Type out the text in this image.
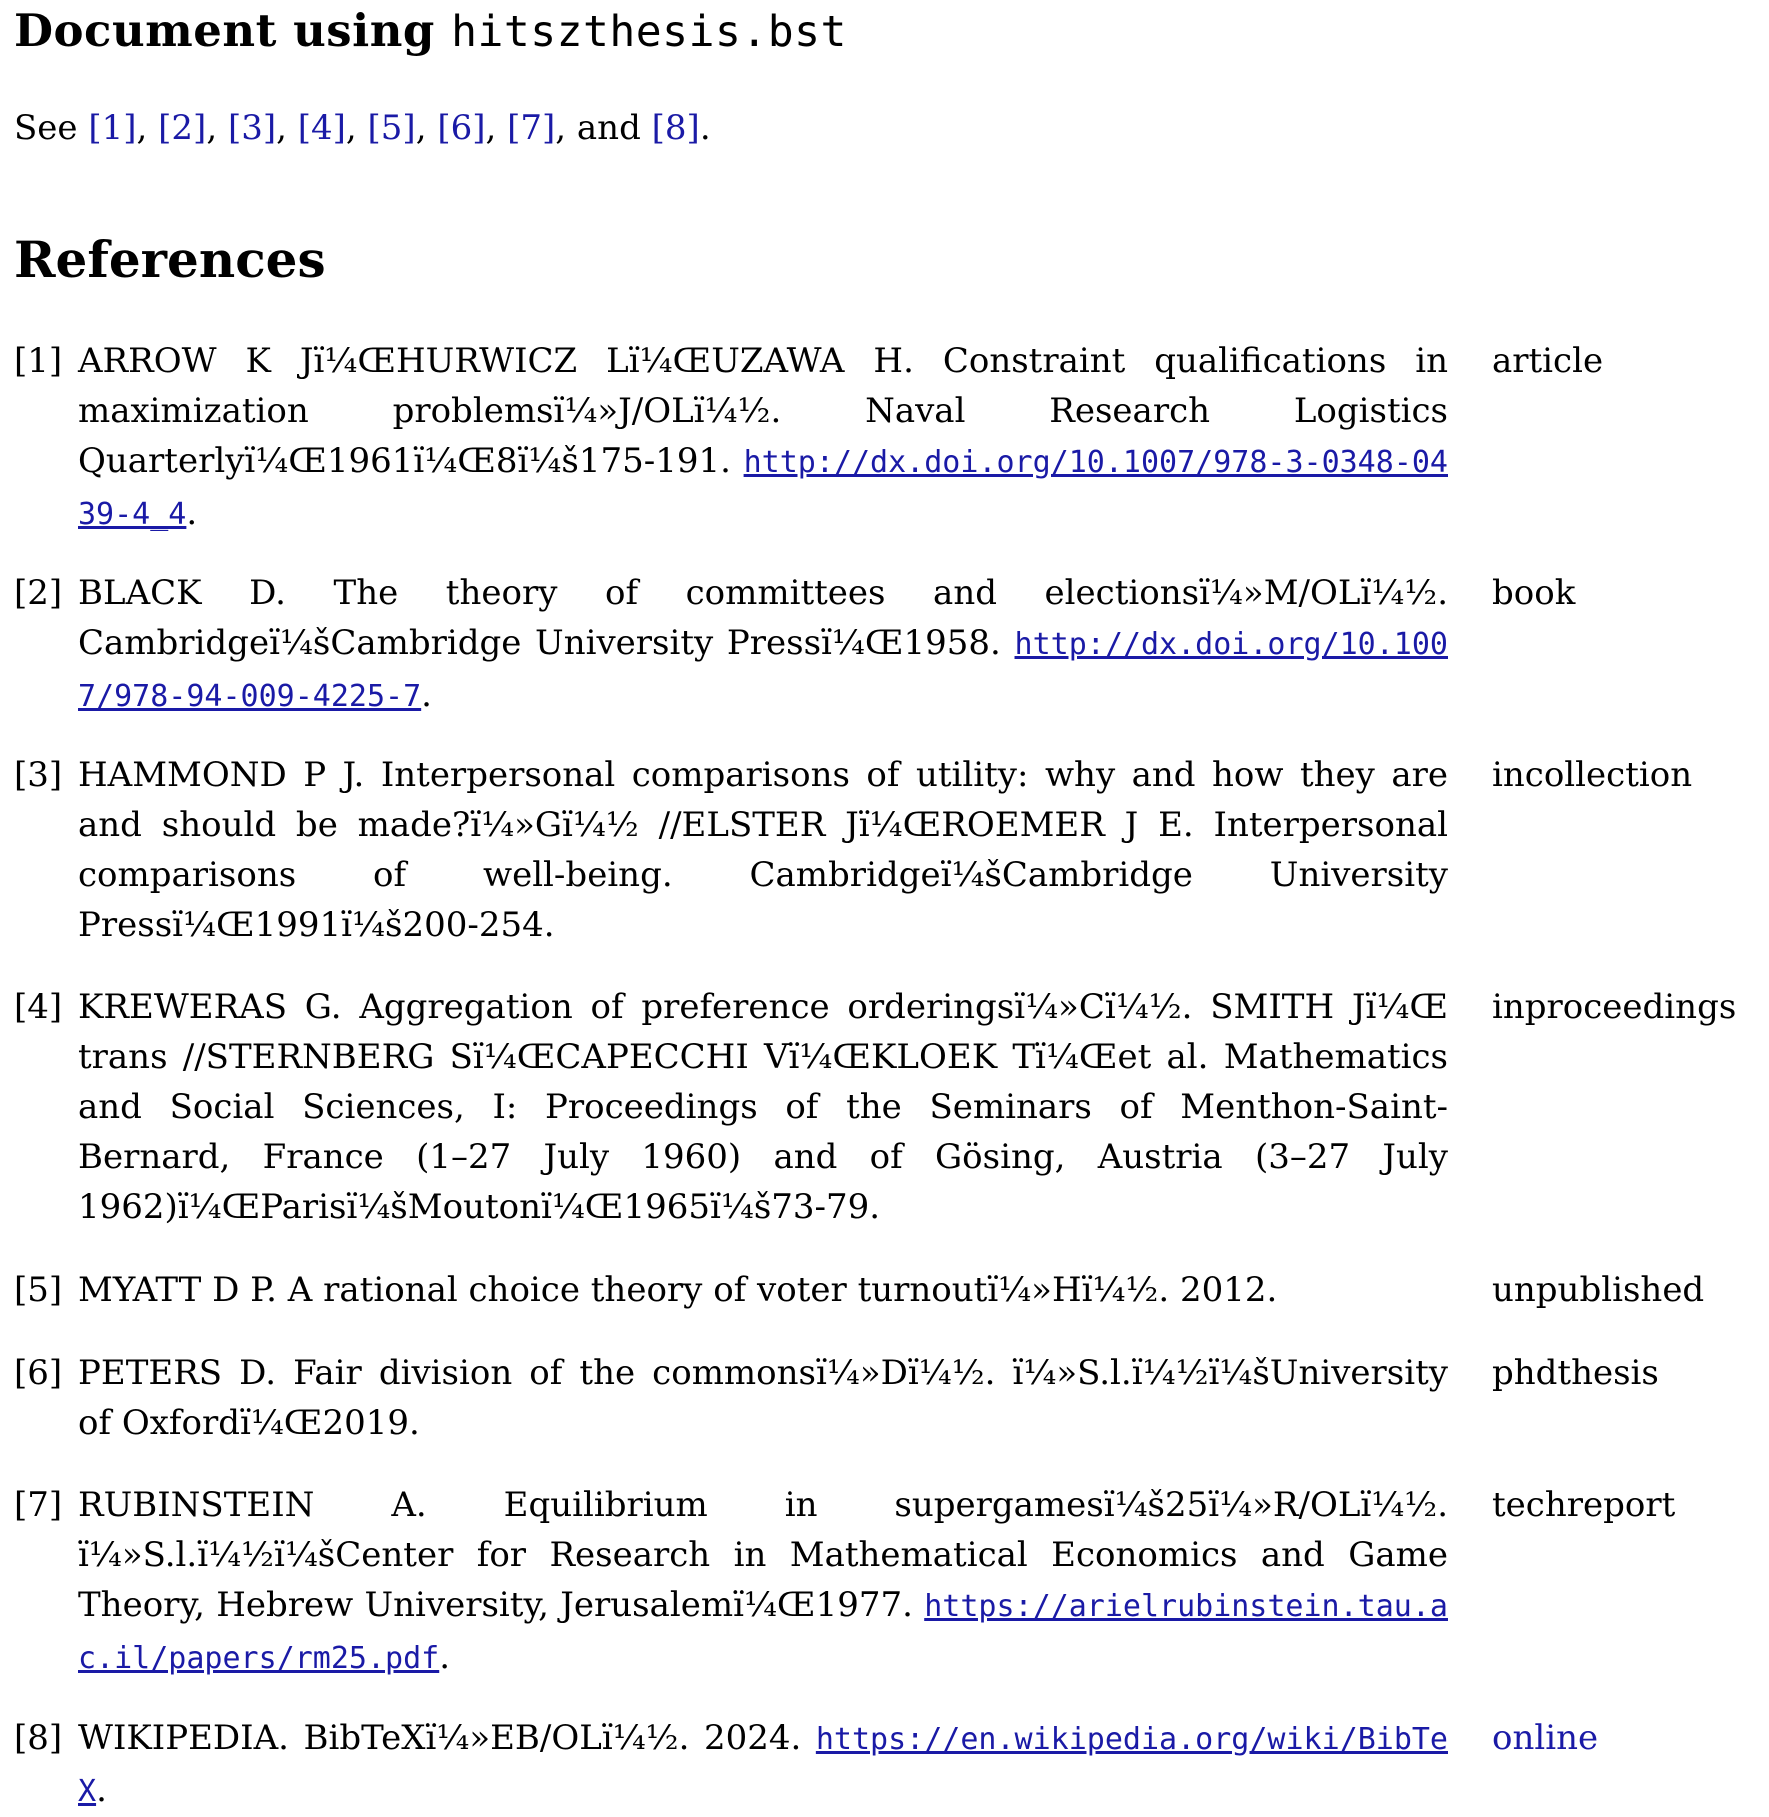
Document using hitszthesis.bst
See [1], [2], [3], [4], [5], [6], [7], and [8].
References
[1] ARROW K Jï¼ŒHURWICZ Lï¼ŒUZAWA H. Constraint qualifications in maximization problemsï¼»J/OLï¼½. Naval Research Logistics Quarterlyï¼Œ1961ï¼Œ8ï¼š175-191. http://dx.doi.org/10.1007/978-3-0348-0439-4_4.
article
[2] BLACK D. The theory of committees and electionsï¼»M/OLï¼½. Cambridgeï¼šCambridge University Pressï¼Œ1958. http://dx.doi.org/10.1007/978-94-009-4225-7.
book
[3] HAMMOND P J. Interpersonal comparisons of utility: why and how they are and should be made?ï¼»Gï¼½ //ELSTER Jï¼ŒROEMER J E. Interpersonal comparisons of well-being. Cambridgeï¼šCambridge University Pressï¼Œ1991ï¼š200-254.
incollection
[4] KREWERAS G. Aggregation of preference orderingsï¼»Cï¼½. SMITH Jï¼Œ trans //STERNBERG Sï¼ŒCAPECCHI Vï¼ŒKLOEK Tï¼Œet al. Mathematics and Social Sciences, I: Proceedings of the Seminars of Menthon-Saint-Bernard, France (1–27 July 1960) and of Gösing, Austria (3–27 July 1962)ï¼ŒParisï¼šMoutonï¼Œ1965ï¼š73-79.
inproceedings
[5] MYATT D P. A rational choice theory of voter turnoutï¼»Hï¼½. 2012.	unpublished
[6] PETERS D. Fair division of the commonsï¼»Dï¼½. ï¼»S.l.ï¼½ï¼šUniversity of Oxfordï¼Œ2019.
phdthesis
[7] RUBINSTEIN A. Equilibrium in supergamesï¼š25ï¼»R/OLï¼½. ï¼»S.l.ï¼½ï¼šCenter for Research in Mathematical Economics and Game Theory, Hebrew University, Jerusalemï¼Œ1977. https://arielrubinstein.tau.ac.il/papers/rm25.pdf.
techreport
[8] WIKIPEDIA. BibTeXï¼»EB/OLï¼½. 2024. https://en.wikipedia.org/wiki/BibTeX.
online
